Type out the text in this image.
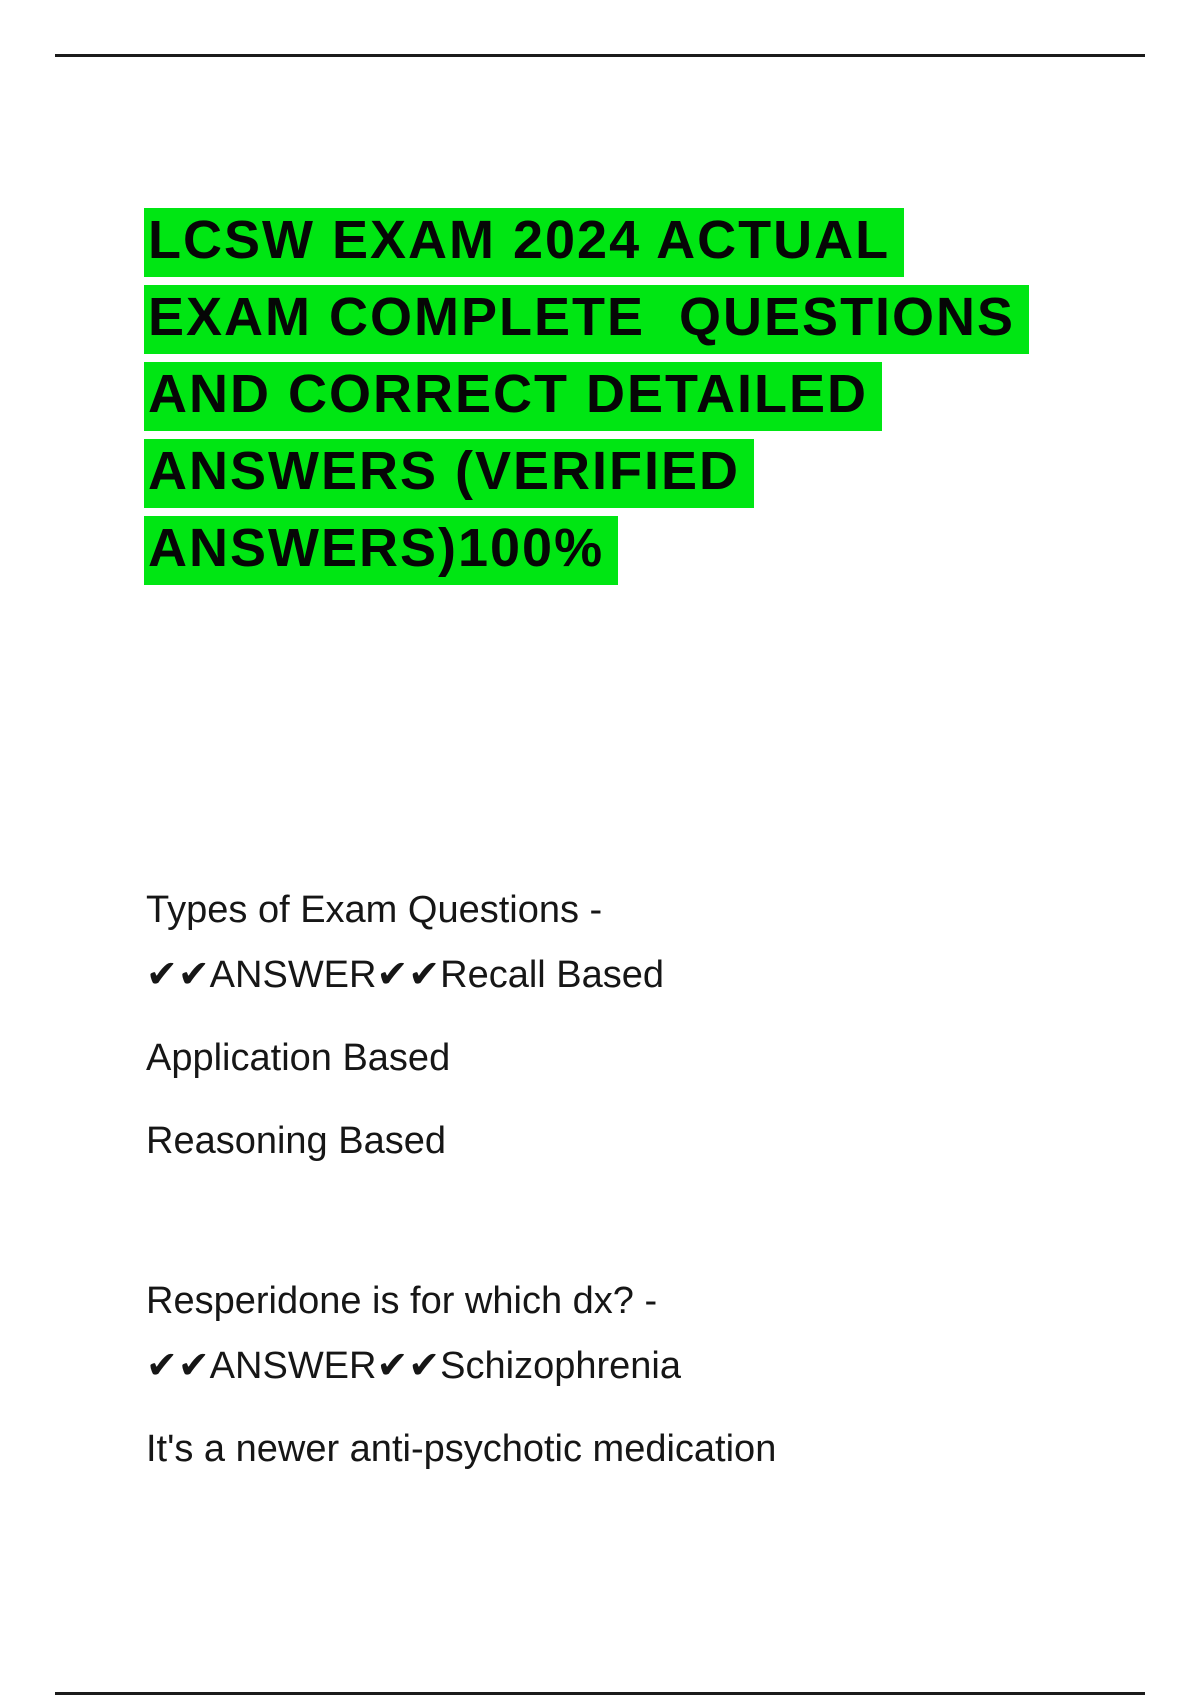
LCSW EXAM 2024 ACTUAL
EXAM COMPLETE  QUESTIONS
AND CORRECT DETAILED
ANSWERS (VERIFIED
ANSWERS)100%

Types of Exam Questions -

✔✔ANSWER✔✔Recall Based

Application Based

Reasoning Based

Resperidone is for which dx? -

✔✔ANSWER✔✔Schizophrenia

It's a newer anti-psychotic medication
